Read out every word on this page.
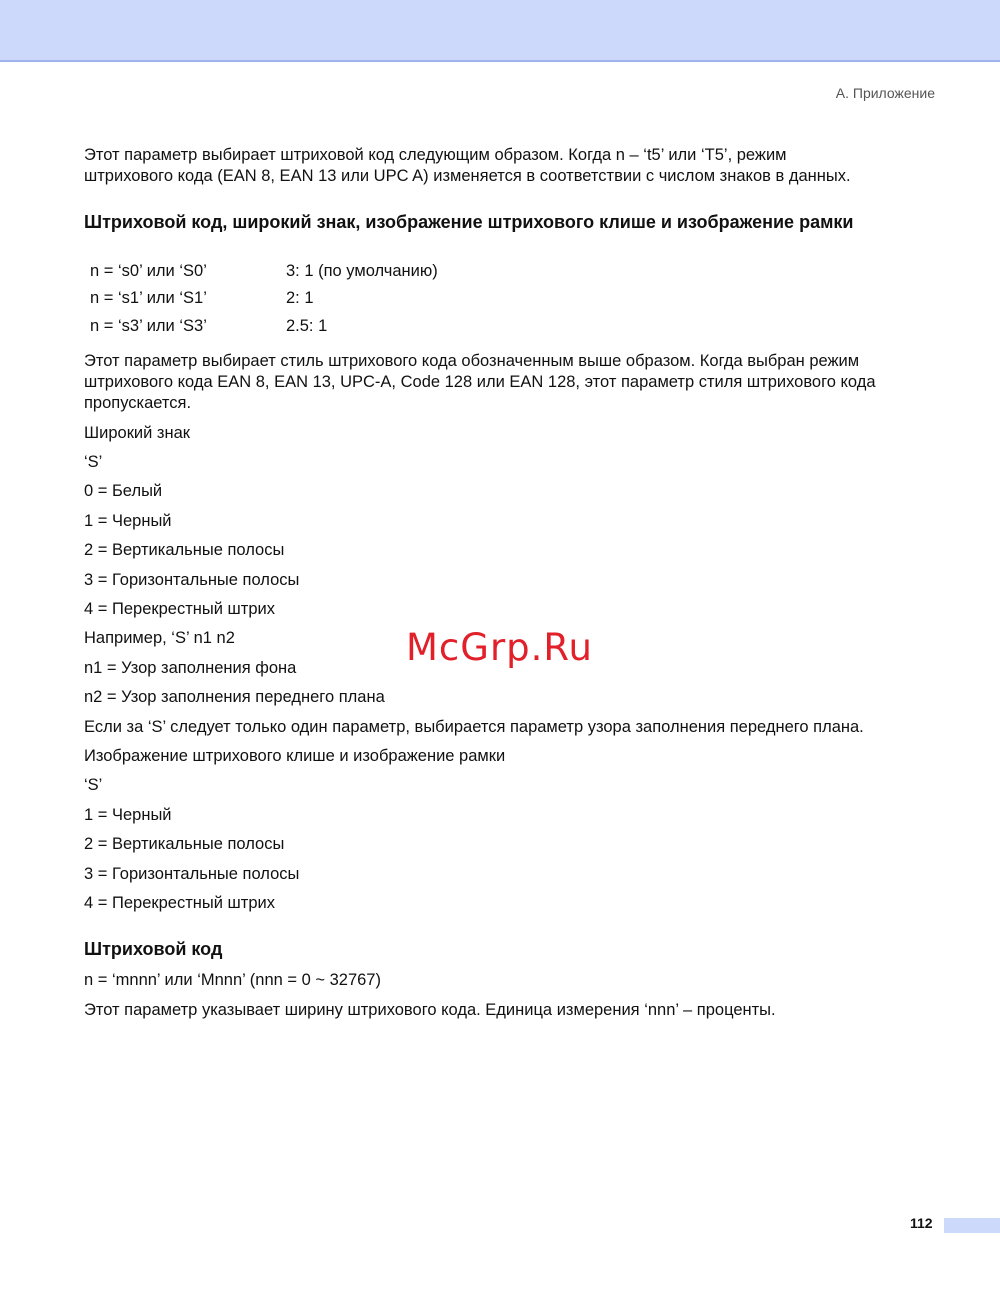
A. Приложение
Этот параметр выбирает штриховой код следующим образом. Когда n – ‘t5’ или ‘T5’, режим
штрихового кода (EAN 8, EAN 13 или UPC A) изменяется в соответствии с числом знаков в данных.
Штриховой код, широкий знак, изображение штрихового клише и изображение рамки
n = ‘s0’ или ‘S0’	3: 1 (по умолчанию)
n = ‘s1’ или ‘S1’	2: 1
n = ‘s3’ или ‘S3’	2.5: 1
Этот параметр выбирает стиль штрихового кода обозначенным выше образом. Когда выбран режим
штрихового кода EAN 8, EAN 13, UPC-A, Code 128 или EAN 128, этот параметр стиля штрихового кода
пропускается.
Широкий знак
‘S’
0 = Белый
1 = Черный
2 = Вертикальные полосы
3 = Горизонтальные полосы
4 = Перекрестный штрих
Например, ‘S’ n1 n2
n1 = Узор заполнения фона
n2 = Узор заполнения переднего плана
Если за ‘S’ следует только один параметр, выбирается параметр узора заполнения переднего плана.
Изображение штрихового клише и изображение рамки
‘S’
1 = Черный
2 = Вертикальные полосы
3 = Горизонтальные полосы
4 = Перекрестный штрих
Штриховой код
n = ‘mnnn’ или ‘Mnnn’ (nnn = 0 ~ 32767)
Этот параметр указывает ширину штрихового кода. Единица измерения ‘nnn’ – проценты.
McGrp.Ru
112
